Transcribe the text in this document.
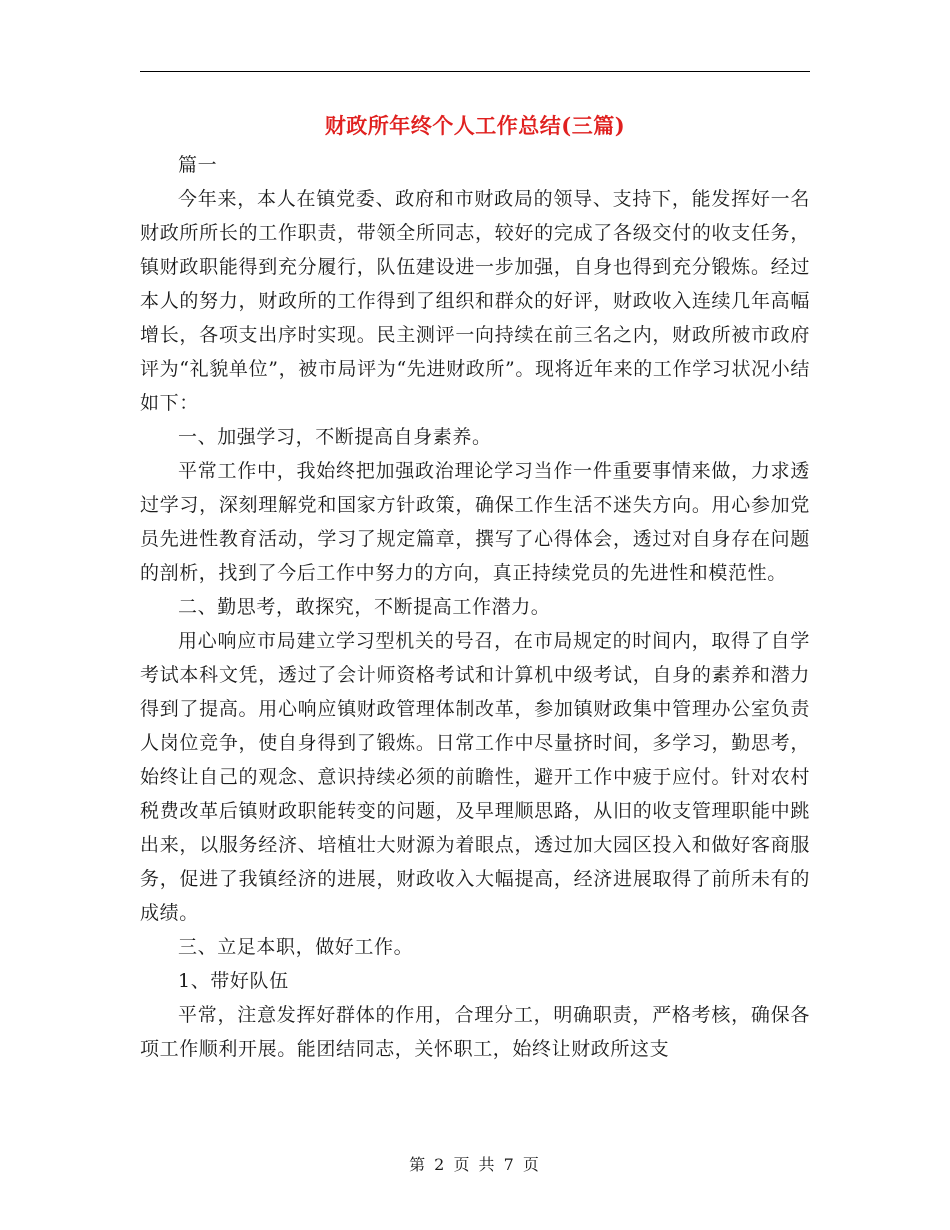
财政所年终个人工作总结(三篇)

篇一

今年来，本人在镇党委、政府和市财政局的领导、支持下，能发挥好一名财政所所长的工作职责，带领全所同志，较好的完成了各级交付的收支任务，镇财政职能得到充分履行，队伍建设进一步加强，自身也得到充分锻炼。经过本人的努力，财政所的工作得到了组织和群众的好评，财政收入连续几年高幅增长，各项支出序时实现。民主测评一向持续在前三名之内，财政所被市政府评为“礼貌单位”，被市局评为“先进财政所”。现将近年来的工作学习状况小结如下：

一、加强学习，不断提高自身素养。

平常工作中，我始终把加强政治理论学习当作一件重要事情来做，力求透过学习，深刻理解党和国家方针政策，确保工作生活不迷失方向。用心参加党员先进性教育活动，学习了规定篇章，撰写了心得体会，透过对自身存在问题的剖析，找到了今后工作中努力的方向，真正持续党员的先进性和模范性。

二、勤思考，敢探究，不断提高工作潜力。

用心响应市局建立学习型机关的号召，在市局规定的时间内，取得了自学考试本科文凭，透过了会计师资格考试和计算机中级考试，自身的素养和潜力得到了提高。用心响应镇财政管理体制改革，参加镇财政集中管理办公室负责人岗位竞争，使自身得到了锻炼。日常工作中尽量挤时间，多学习，勤思考，始终让自己的观念、意识持续必须的前瞻性，避开工作中疲于应付。针对农村税费改革后镇财政职能转变的问题，及早理顺思路，从旧的收支管理职能中跳出来，以服务经济、培植壮大财源为着眼点，透过加大园区投入和做好客商服务，促进了我镇经济的进展，财政收入大幅提高，经济进展取得了前所未有的成绩。

三、立足本职，做好工作。

1、带好队伍

平常，注意发挥好群体的作用，合理分工，明确职责，严格考核，确保各项工作顺利开展。能团结同志，关怀职工，始终让财政所这支

第 2 页 共 7 页
